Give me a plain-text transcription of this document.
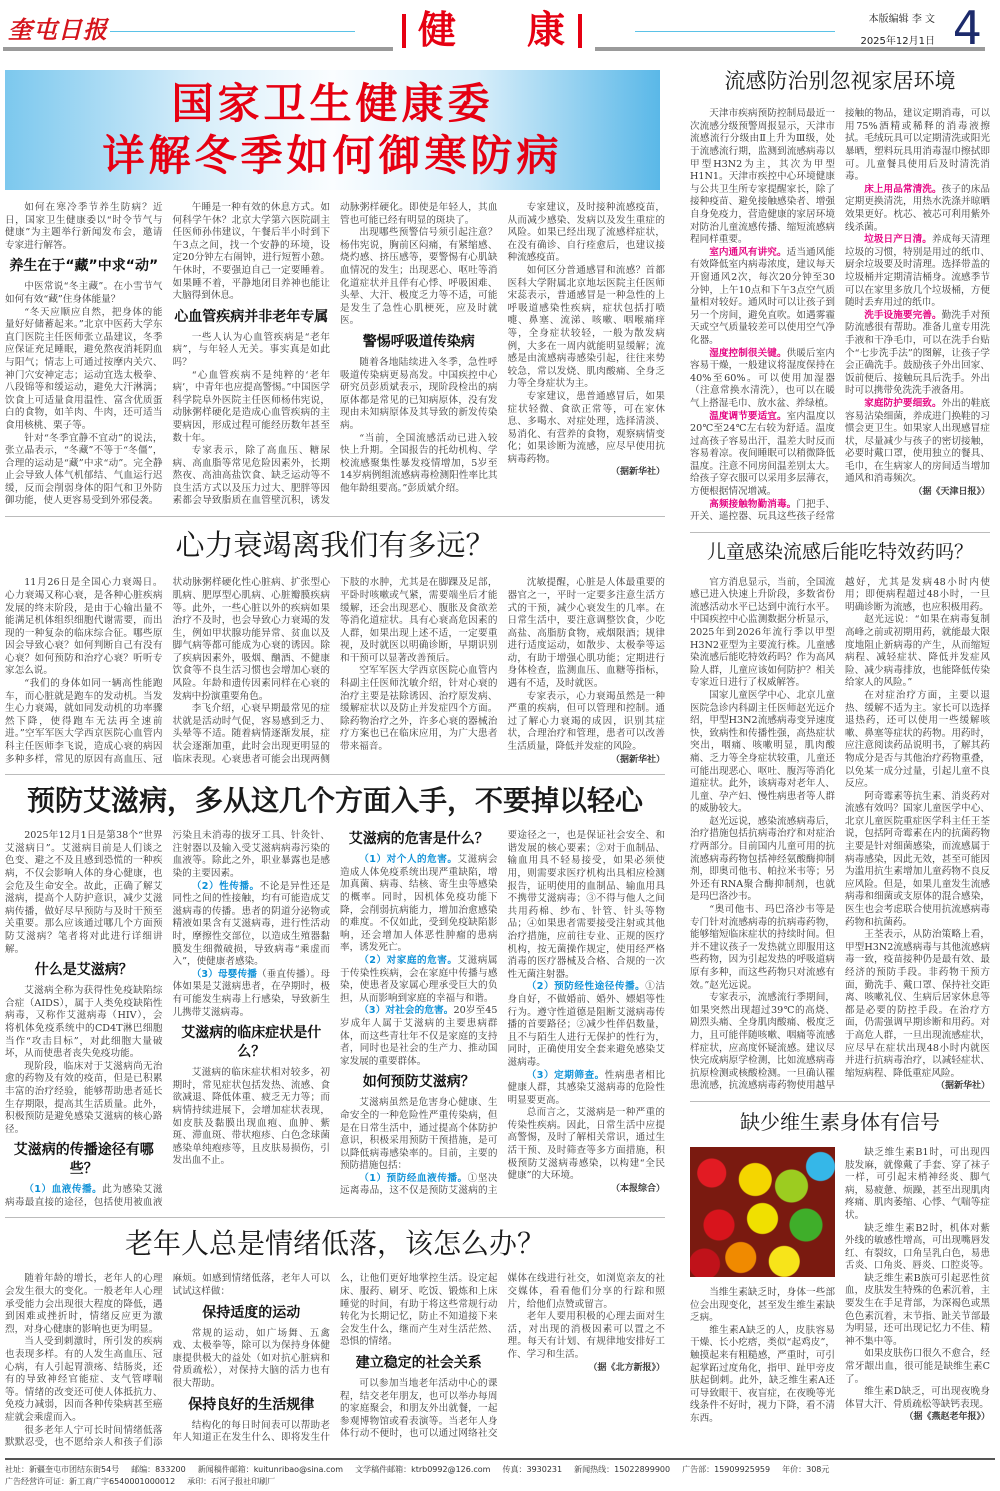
奎屯日报	健 康	本版编辑 李 文
2025年12月1日 4
国家卫生健康委
详解冬季如何御寒防病

如何在寒冷季节养生防病？近日，国家卫生健康委以“时令节气与健康”为主题举行新闻发布会，邀请专家进行解答。

养生在于“藏”中求“动”

中医常说“冬主藏”。在小雪节气如何有效“藏”住身体能量？

“冬天应顺应自然，把身体的能量好好储蓄起来。”北京中医药大学东直门医院主任医师张立晶建议，冬季应保证充足睡眠，避免熬夜消耗阴血与阳气；情志上可通过按摩内关穴、神门穴安神定志；运动宜选太极拳、八段锦等和缓运动，避免大汗淋漓；饮食上可适量食用温性、富含优质蛋白的食物，如羊肉、牛肉，还可适当食用核桃、栗子等。

针对“冬季宜静不宜动”的说法，张立晶表示，“冬藏”不等于“冬僵”，合理的运动是“藏”中求“动”。完全静止会导致人体气机郁结、气血运行迟缓，反而会削弱身体的阳气和卫外防御功能，使人更容易受到外邪侵袭。

午睡是一种有效的休息方式。如何科学午休？北京大学第六医院副主任医师孙伟建议，午餐后半小时到下午3点之间，找一个安静的环境，设定20分钟左右闹钟，进行短暂小憩。午休时，不要强迫自己一定要睡着。如果睡不着，平静地闭目养神也能让大脑得到休息。

心血管疾病并非老年专属

一些人认为心血管疾病是“老年病”，与年轻人无关。事实真是如此吗？

“心血管疾病不是纯粹的‘老年病’，中青年也应提高警惕。”中国医学科学院阜外医院主任医师杨伟宪说，动脉粥样硬化是造成心血管疾病的主要病因，形成过程可能经历数年甚至数十年。

专家表示，除了高血压、糖尿病、高血脂等常见危险因素外，长期熬夜、高油高盐饮食、缺乏运动等不良生活方式以及压力过大、肥胖等因素都会导致脂质在血管壁沉积，诱发动脉粥样硬化。即使是年轻人，其血管也可能已经有明显的斑块了。

出现哪些预警信号须引起注意？杨伟宪说，胸前区闷痛，有紧缩感、烧灼感、挤压感等，要警惕有心肌缺血情况的发生；出现恶心、呕吐等消化道症状并且伴有心悸、呼吸困难、头晕、大汗、极度乏力等不适，可能是发生了急性心肌梗死，应及时就医。

警惕呼吸道传染病

随着各地陆续进入冬季，急性呼吸道传染病更易高发。中国疾控中心研究员彭质斌表示，现阶段检出的病原体都是常见的已知病原体，没有发现由未知病原体及其导致的新发传染病。

“当前，全国流感活动已进入较快上升期。全国报告的托幼机构、学校流感聚集性暴发疫情增加，5岁至14岁病例组流感病毒检测阳性率比其他年龄组要高。”彭质斌介绍。

专家建议，及时接种流感疫苗，从而减少感染、发病以及发生重症的风险。如果已经出现了流感样症状，在没有确诊、自行痊愈后，也建议接种流感疫苗。

如何区分普通感冒和流感？首都医科大学附属北京地坛医院主任医师宋蕊表示，普通感冒是一种急性的上呼吸道感染性疾病，症状包括打喷嚏、鼻塞、流涕、咳嗽、咽喉痛痒等，全身症状较轻，一般为散发病例，大多在一周内就能明显缓解；流感是由流感病毒感染引起，往往来势较急，常以发烧、肌肉酸痛、全身乏力等全身症状为主。

专家建议，患普通感冒后，如果症状轻微、食欲正常等，可在家休息、多喝水、对症处理，选择清淡、易消化、有营养的食物，观察病情变化；如果诊断为流感，应尽早使用抗病毒药物。

（据新华社）

心力衰竭离我们有多远？

11月26日是全国心力衰竭日。心力衰竭又称心衰，是各种心脏疾病发展的终末阶段，是由于心输出量不能满足机体组织细胞代谢需要，而出现的一种复杂的临床综合征。哪些原因会导致心衰？如何判断自己有没有心衰？如何预防和治疗心衰？听听专家怎么说。

“我们的身体如同一辆高性能跑车，而心脏就是跑车的发动机。当发生心力衰竭，就如同发动机的功率骤然下降，使得跑车无法再全速前进。”空军军医大学西京医院心血管内科主任医师李飞说，造成心衰的病因多种多样，常见的原因有高血压、冠状动脉粥样硬化性心脏病、扩张型心肌病、肥厚型心肌病、心脏瓣膜疾病等。此外，一些心脏以外的疾病如果治疗不及时，也会导致心力衰竭的发生，例如甲状腺功能异常、贫血以及脚气病等都可能成为心衰的诱因。除了疾病因素外，吸烟、酗酒、不健康饮食等不良生活习惯也会增加心衰的风险。年龄和遗传因素同样在心衰的发病中扮演重要角色。

李飞介绍，心衰早期最常见的症状就是活动时气促，容易感到乏力、头晕等不适。随着病情逐渐发展，症状会逐渐加重，此时会出现更明显的临床表现。心衰患者可能会出现两侧下肢的水肿，尤其是在脚踝及足部，平卧时咳嗽或气紧，需要端坐后才能缓解，还会出现恶心、腹胀及食欲差等消化道症状。具有心衰高危因素的人群，如果出现上述不适，一定要重视，及时就医以明确诊断，早期识别和干预可以显著改善预后。

空军军医大学西京医院心血管内科副主任医师沈敏介绍，针对心衰的治疗主要是祛除诱因、治疗原发病、缓解症状以及防止并发症四个方面。除药物治疗之外，许多心衰的器械治疗方案也已在临床应用，为广大患者带来福音。

沈敏提醒，心脏是人体最重要的器官之一，平时一定要多注意生活方式的干预，减少心衰发生的几率。在日常生活中，要注意调整饮食，少吃高盐、高脂肪食物，戒烟限酒；规律进行适度运动，如散步、太极拳等运动，有助于增强心肌功能；定期进行身体检查，监测血压、血糖等指标，遇有不适，及时就医。

专家表示，心力衰竭虽然是一种严重的疾病，但可以管理和控制。通过了解心力衰竭的成因，识别其症状，合理治疗和管理，患者可以改善生活质量，降低并发症的风险。

（据新华社）

预防艾滋病，多从这几个方面入手，不要掉以轻心

2025年12月1日是第38个“世界艾滋病日”。艾滋病目前是人们谈之色变、避之不及且感到恐慌的一种疾病，不仅会影响人体的身心健康，也会危及生命安全。故此，正确了解艾滋病，提高个人防护意识，减少艾滋病传播，做好尽早预防与及时干预至关重要。那么应该通过哪几个方面预防艾滋病？笔者将对此进行详细讲解。

什么是艾滋病？

艾滋病全称为获得性免疫缺陷综合症（AIDS），属于人类免疫缺陷性病毒，又称作艾滋病毒（HIV），会将机体免疫系统中的CD4T淋巴细胞当作“攻击目标”，对此细胞大量破坏，从而使患者丧失免疫功能。

现阶段，临床对于艾滋病尚无治愈的药物及有效的疫苗，但是已积累丰富的治疗经验，能够帮助患者延长生存期限，提高其生活质量。此外，积极预防是避免感染艾滋病的核心路径。

艾滋病的传播途径有哪些？

（1）血液传播。此为感染艾滋病毒最直接的途径，包括使用被血液污染且未消毒的拔牙工具、针灸针、注射器以及输入受艾滋病病毒污染的血液等。除此之外，职业暴露也是感染的主要因素。

（2）性传播。不论是异性还是同性之间的性接触，均有可能造成艾滋病毒的传播。患者的阴道分泌物或精液如果含有艾滋病毒，进行性活动时，摩擦性交部位，以造成生殖器黏膜发生细微破损，导致病毒“乘虚而入”，使健康者感染。

（3）母婴传播（垂直传播）。母体如果是艾滋病患者，在孕期时，极有可能发生病毒上行感染，导致新生儿携带艾滋病毒。

艾滋病的临床症状是什么？

艾滋病的临床症状相对较多，初期时，常见症状包括发热、流感、食欲减退、降低体重、疲乏无力等；而病情持续进展下，会增加症状表现，如皮肤及黏膜出现血疱、血肿、紫斑、滞血斑、带状疱疹、白色念球菌感染单纯疱疹等，且皮肤易损伤，引发出血不止。

艾滋病的危害是什么？

（1）对个人的危害。艾滋病会造成人体免疫系统出现严重缺陷，增加真菌、病毒、结核、寄生虫等感染的概率。同时，因机体免疫功能下降，会削弱抗病能力，增加治愈感染的难度。不仅如此，受到免疫缺陷影响，还会增加人体恶性肿瘤的患病率，诱发死亡。

（2）对家庭的危害。艾滋病属于传染性疾病，会在家庭中传播与感染，使患者及家属心理承受巨大的负担，从而影响到家庭的幸福与和谐。

（3）对社会的危害。20岁至45岁成年人属于艾滋病的主要患病群体，而这些青壮年不仅是家庭的支持者，同时也是社会的生产力、推动国家发展的重要群体。

如何预防艾滋病？

艾滋病虽然是危害身心健康、生命安全的一种危险性严重传染病，但是在日常生活中，通过提高个体防护意识，积极采用预防干预措施，是可以降低病毒感染率的。目前，主要的预防措施包括：

（1）预防经血液传播。①坚决远离毒品，这不仅是预防艾滋病的主要途径之一，也是保证社会安全、和谐发展的核心要素；②对于血制品、输血用具不轻易接受，如果必须使用，则需要求医疗机构出具相应检测报告，证明使用的血制品、输血用具不携带艾滋病毒；③不得与他人之间共用药棉、纱布、针管、针头等物品；④如果患者需要接受注射或其他治疗措施，应前往专业、正规的医疗机构，按无菌操作规定，使用经严格消毒的医疗器械及合格、合规的一次性无菌注射器。

（2）预防经性途径传播。①洁身自好，不做婚前、婚外、嫖娼等性行为。遵守性道德是阻断艾滋病毒传播的首要路径；②减少性伴侣数量，且不与陌生人进行无保护的性行为，同时，正确使用安全套来避免感染艾滋病毒。

（3）定期筛查。性病患者相比健康人群，其感染艾滋病毒的危险性明显要更高。

总而言之，艾滋病是一种严重的传染性疾病。因此，日常生活中应提高警惕，及时了解相关常识，通过生活干预、及时筛查等多方面措施，积极预防艾滋病毒感染，以构建“全民健康”的大环境。

（本报综合）

老年人总是情绪低落，该怎么办？

随着年龄的增长，老年人的心理会发生很大的变化。一般老年人心理承受能力会出现很大程度的降低，遇到困难或挫折时，情绪反应更为激烈，对身心健康的影响也更为明显。

当人受到刺激时，所引发的疾病也表现多样。有的人发生高血压、冠心病，有人引起胃溃疡、结肠炎，还有的导致神经官能症、支气管哮喘等。情绪的改变还可使人体抵抗力、免疫力减弱，因而各种传染病甚至癌症就会乘虚而入。

很多老年人宁可长时间情绪低落默默忍受，也不愿给亲人和孩子们添麻烦。如感到情绪低落，老年人可以试试这样做：

保持适度的运动

常规的运动，如广场舞、五禽戏、太极拳等，除可以为保持身体健康提供极大的益处（如对抗心脏病和骨质疏松），对保持大脑的活力也有很大帮助。

保持良好的生活规律

结构化的每日时间表可以帮助老年人知道正在发生什么、即将发生什么，让他们更好地掌控生活。设定起床、服药、刷牙、吃饭、锻炼和上床睡觉的时间，有助于将这些常规行动转化为长期记忆，防止不知道接下来会发生什么，继而产生对生活茫然、恐惧的情绪。

建立稳定的社会关系

可以参加当地老年活动中心的课程，结交老年朋友，也可以举办每周的家庭聚会，和朋友外出就餐，一起参观博物馆或看表演等。当老年人身体行动不便时，也可以通过网络社交媒体在线进行社交，如浏览亲友的社交媒体，看看他们分享的行踪和照片，给他们点赞或留言。

老年人要用积极的心理去面对生活，对出现的消极因素可以置之不理。每天有计划、有规律地安排好工作、学习和生活。

（据《北方新报》）

流感防治别忽视家居环境

天津市疾病预防控制局最近一次流感分级预警周报显示，天津市流感流行分级由Ⅱ上升为Ⅲ级，处于流感流行期，监测到流感病毒以甲型H3N2为主，其次为甲型H1N1。天津市疾控中心环境健康与公共卫生所专家提醒家长，除了接种疫苗、避免接触感染者、增强自身免疫力，营造健康的家居环境对防治儿童流感传播、缩短流感病程同样重要。

室内通风有讲究。适当通风能有效降低室内病毒浓度，建议每天开窗通风2次，每次20分钟至30分钟，上午10点和下午3点空气质量相对较好。通风时可以让孩子到另一个房间，避免直吹。如遇雾霾天或空气质量较差可以使用空气净化器。

湿度控制很关键。供暖后室内容易干燥，一般建议将湿度保持在40%至60%。可以使用加湿器（注意常换水清洗），也可以在暖气上搭湿毛巾、放水盆、养绿植。

温度调节要适宜。室内温度以20℃至24℃左右较为舒适。温度过高孩子容易出汗，温差大时反而容易着凉。夜间睡眠可以稍微降低温度。注意不同房间温差别太大。给孩子穿衣服可以采用多层薄衣，方便根据情况增减。

高频接触物勤消毒。门把手、开关、遥控器、玩具这些孩子经常接触的物品，建议定期消毒，可以用75%酒精或稀释的消毒液擦拭。毛绒玩具可以定期清洗或阳光暴晒，塑料玩具用消毒湿巾擦拭即可。儿童餐具使用后及时清洗消毒。

床上用品常清洗。孩子的床品定期更换清洗，用热水洗涤并晾晒效果更好。枕芯、被芯可利用紫外线杀菌。

垃圾日产日清。养成每天清理垃圾的习惯，特别是用过的纸巾、厨余垃圾要及时清理。选择带盖的垃圾桶并定期清洁桶身。流感季节可以在家里多放几个垃圾桶，方便随时丢弃用过的纸巾。

洗手设施要完善。勤洗手对预防流感很有帮助。准备儿童专用洗手液和干净毛巾，可以在洗手台贴个“七步洗手法”的图解，让孩子学会正确洗手。鼓励孩子外出回家、饭前便后、接触玩具后洗手。外出时可以携带免洗洗手液备用。

家庭防护要细致。外出的鞋底容易沾染细菌，养成进门换鞋的习惯会更卫生。如果家人出现感冒症状，尽量减少与孩子的密切接触，必要时戴口罩，使用独立的餐具、毛巾，在生病家人的房间适当增加通风和消毒频次。

（据《天津日报》）

儿童感染流感后能吃特效药吗？

官方消息显示，当前，全国流感已进入快速上升阶段，多数省份流感活动水平已达到中流行水平。中国疾控中心监测数据分析显示，2025年到2026年流行季以甲型H3N2亚型为主要流行株。儿童感染流感后能吃特效药吗？作为高风险人群，儿童应该如何防护？相关专家近日进行了权威解答。

国家儿童医学中心、北京儿童医院急诊内科副主任医师赵光远介绍，甲型H3N2流感病毒变异速度快，致病性和传播性强，高热症状突出，咽痛、咳嗽明显，肌肉酸痛、乏力等全身症状较重，儿童还可能出现恶心、呕吐、腹泻等消化道症状。此外，该病毒对老年人、儿童、孕产妇、慢性病患者等人群的威胁较大。

赵光远说，感染流感病毒后，治疗措施包括抗病毒治疗和对症治疗两部分。目前国内儿童可用的抗流感病毒药物包括神经氨酸酶抑制剂，即奥司他韦、帕拉米韦等；另外还有RNA聚合酶抑制剂，也就是玛巴洛沙韦。

“奥司他韦、玛巴洛沙韦等是专门针对流感病毒的抗病毒药物，能够缩短临床症状的持续时间。但并不建议孩子一发热就立即服用这些药物，因为引起发热的呼吸道病原有多种，而这些药物只对流感有效。”赵光远说。

专家表示，流感流行季期间，如果突然出现超过39℃的高烧、剧烈头痛、全身肌肉酸痛、极度乏力，且可能伴随咳嗽、咽痛等流感样症状，应高度怀疑流感。建议尽快完成病原学检测，比如流感病毒抗原检测或核酸检测。一旦确认罹患流感，抗流感病毒药物使用越早越好，尤其是发病48小时内使用；即便病程超过48小时，一旦明确诊断为流感，也应积极用药。

赵光远说：“如果在病毒复制高峰之前或初期用药，就能最大限度地阻止新病毒的产生，从而缩短病程、减轻症状、降低并发症风险、减少病毒排放，也能降低传染给家人的风险。”

在对症治疗方面，主要以退热、缓解不适为主。家长可以选择退热药，还可以使用一些缓解咳嗽、鼻塞等症状的药物。用药时，应注意阅读药品说明书，了解其药物成分是否与其他治疗药物重叠，以免某一成分过量，引起儿童不良反应。

阿奇霉素等抗生素、消炎药对流感有效吗？国家儿童医学中心、北京儿童医院重症医学科主任王荃说，包括阿奇霉素在内的抗菌药物主要是针对细菌感染，而流感属于病毒感染，因此无效，甚至可能因为滥用抗生素增加儿童药物不良反应风险。但是，如果儿童发生流感病毒和细菌或支原体的混合感染，医生也会考虑联合使用抗流感病毒药物和抗菌药。

王荃表示，从防治策略上看，甲型H3N2流感病毒与其他流感病毒一致，疫苗接种仍是最有效、最经济的预防手段。非药物干预方面，勤洗手、戴口罩、保持社交距离、咳嗽礼仪、生病后居家休息等都是必要的防控手段。在治疗方面，仍需强调早期诊断和用药。对于高危人群，一旦出现流感症状，应尽早在症状出现48小时内就医并进行抗病毒治疗，以减轻症状、缩短病程、降低重症风险。

（据新华社）

缺少维生素身体有信号

当维生素缺乏时，身体一些部位会出现变化，甚至发生维生素缺乏病。

维生素A缺乏的人，皮肤容易干燥、长小疙瘩，类似“起鸡皮”，触摸起来有粗糙感，严重时，可引起掌跖过度角化，指甲、趾甲旁皮肤起倒刺。此外，缺乏维生素A还可导致眼干、夜盲症，在夜晚等光线条件不好时，视力下降，看不清东西。

缺乏维生素B1时，可出现四肢发麻，就像戴了手套、穿了袜子一样，可引起末梢神经炎、脚气病，易疲惫、烦躁，甚至出现肌肉疼痛、肌肉萎缩、心悸、气喘等症状。

缺乏维生素B2时，机体对紫外线的敏感性增高，可出现嘴唇发红、有裂纹，口角呈乳白色，易患舌炎、口角炎、唇炎、口腔炎等。

缺乏维生素B族可引起恶性贫血，皮肤发生特殊的色素沉着，主要发生在手足背部，为深褐色或黑色色素沉着，末节指、趾关节部最为明显，还可出现记忆力不佳、精神不集中等。

如果皮肤伤口很久不愈合，经常牙龈出血，很可能是缺维生素C了。

维生素D缺乏，可出现夜晚身体冒大汗、骨质疏松等缺钙表现。

（据《燕赵老年报》）

社址：新疆奎屯市团结东街54号 邮编：833200 新闻稿件邮箱：kuitunribao@sina.com 文学稿件邮箱：ktrb0992@126.com 传真：3930231 新闻热线：15022899900 广告部：15909925959 年价：308元
广告经营许可证：新工商广字6540001000012 承印：石河子报社印刷厂
